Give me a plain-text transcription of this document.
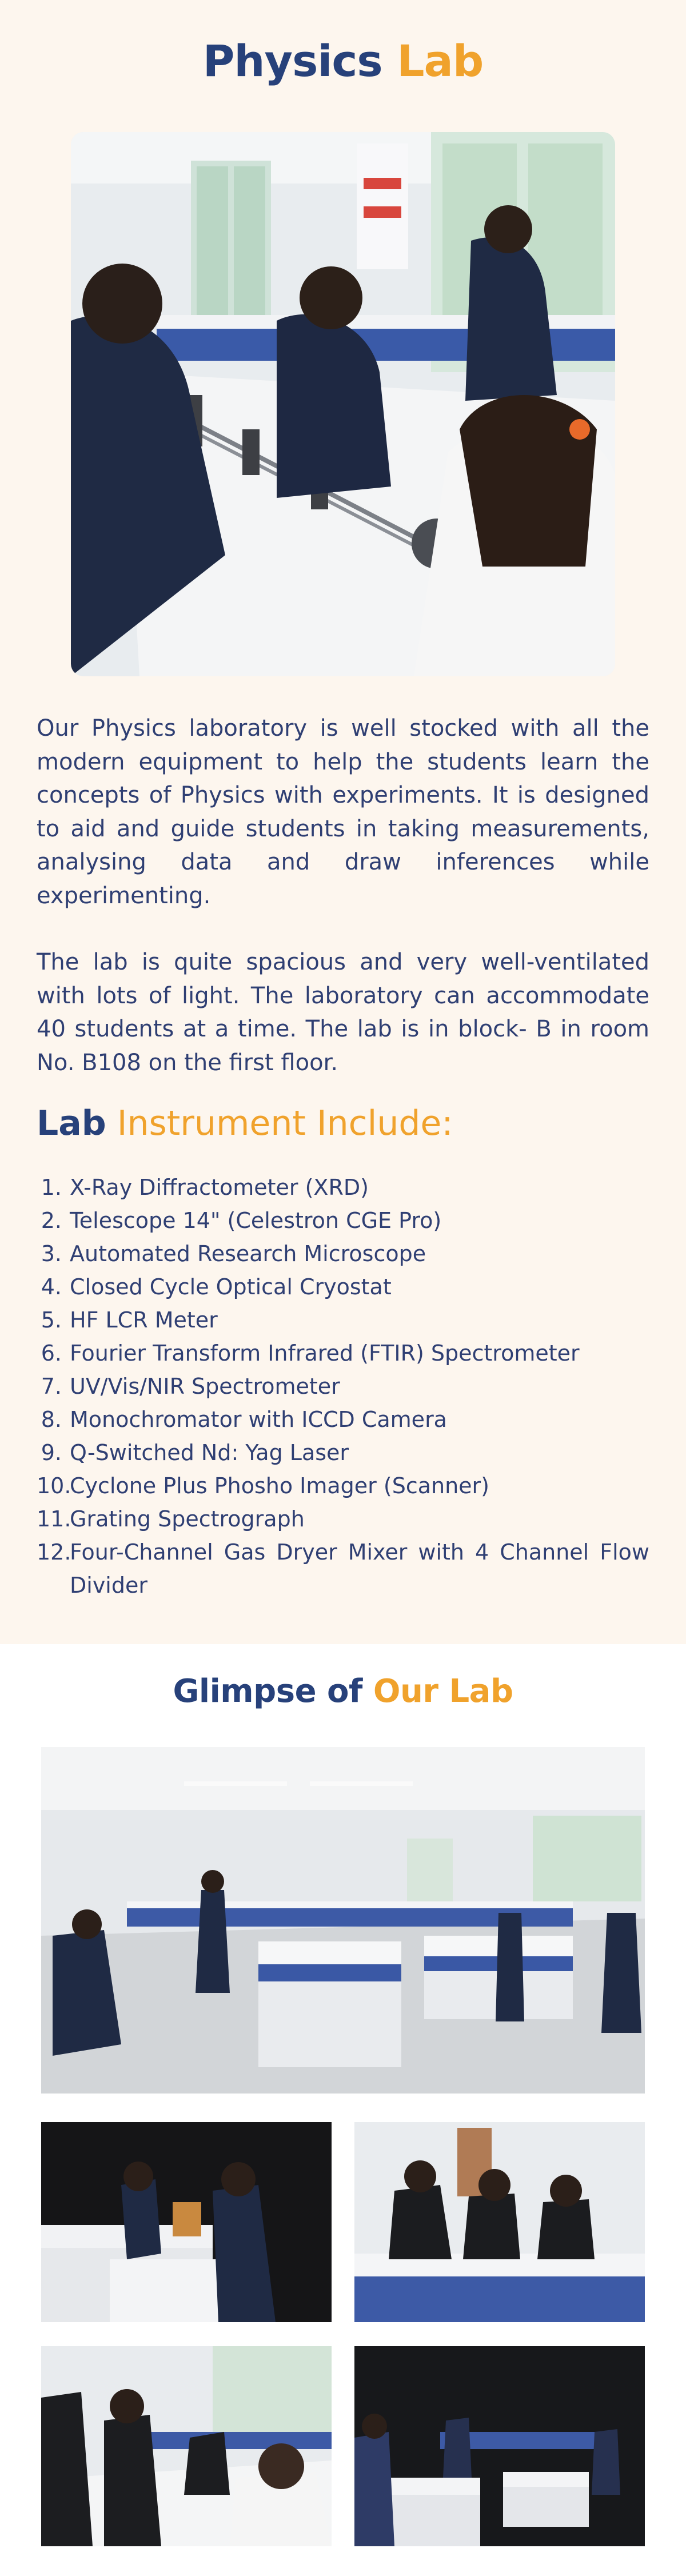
Physics Lab

Our Physics laboratory is well stocked with all the modern equipment to help the students learn the concepts of Physics with experiments. It is designed to aid and guide students in taking measurements, analysing data and draw inferences while experimenting.

The lab is quite spacious and very well-ventilated with lots of light. The laboratory can accommodate 40 students at a time. The lab is in block- B in room No. B108 on the first floor.

Lab Instrument Include:
1. X-Ray Diffractometer (XRD)
2. Telescope 14" (Celestron CGE Pro)
3. Automated Research Microscope
4. Closed Cycle Optical Cryostat
5. HF LCR Meter
6. Fourier Transform Infrared (FTIR) Spectrometer
7. UV/Vis/NIR Spectrometer
8. Monochromator with ICCD Camera
9. Q-Switched Nd: Yag Laser
10.
Cyclone Plus Phosho Imager (Scanner)
11.
Grating Spectrograph
12.
Four-Channel Gas Dryer Mixer with 4 Channel Flow Divider
Glimpse of Our Lab
